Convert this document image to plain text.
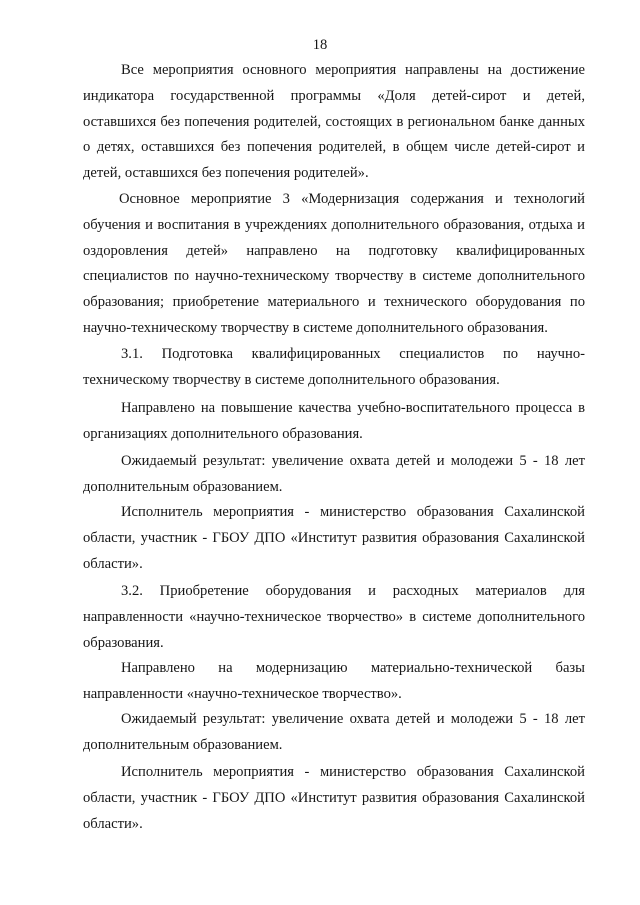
18

Все мероприятия основного мероприятия направлены на достижение индикатора государственной программы «Доля детей-сирот и детей, оставшихся без попечения родителей, состоящих в региональном банке данных о детях, оставшихся без попечения родителей, в общем числе детей-сирот и детей, оставшихся без попечения родителей».

Основное мероприятие 3 «Модернизация содержания и технологий обучения и воспитания в учреждениях дополнительного образования, отдыха и оздоровления детей» направлено на подготовку квалифицированных специалистов по научно-техническому творчеству в системе дополнительного образования; приобретение материального и технического оборудования по научно-техническому творчеству в системе дополнительного образования.

3.1. Подготовка квалифицированных специалистов по научно-техническому творчеству в системе дополнительного образования.

Направлено на повышение качества учебно-воспитательного процесса в организациях дополнительного образования.

Ожидаемый результат: увеличение охвата детей и молодежи 5 - 18 лет дополнительным образованием.

Исполнитель мероприятия - министерство образования Сахалинской области, участник - ГБОУ ДПО «Институт развития образования Сахалинской области».

3.2. Приобретение оборудования и расходных материалов для направленности «научно-техническое творчество» в системе дополнительного образования.

Направлено на модернизацию материально-технической базы направленности «научно-техническое творчество».

Ожидаемый результат: увеличение охвата детей и молодежи 5 - 18 лет дополнительным образованием.

Исполнитель мероприятия - министерство образования Сахалинской области, участник - ГБОУ ДПО «Институт развития образования Сахалинской области».
